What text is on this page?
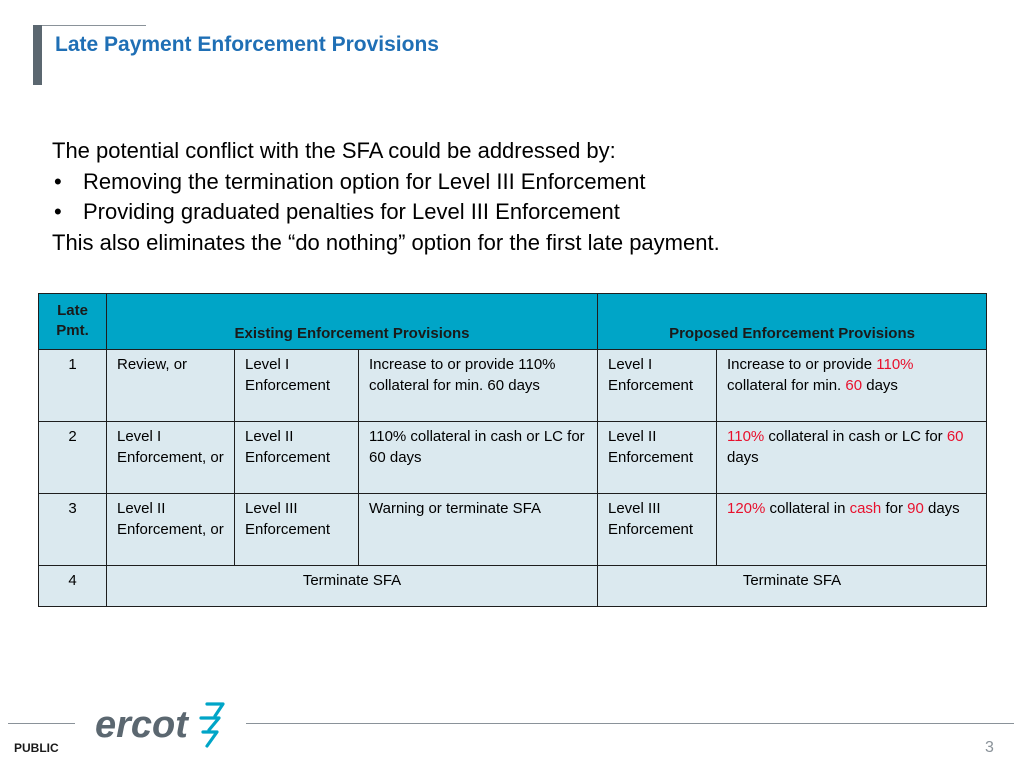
Late Payment Enforcement Provisions

The potential conflict with the SFA could be addressed by:

• Removing the termination option for Level III Enforcement
• Providing graduated penalties for Level III Enforcement

This also eliminates the “do nothing” option for the first late payment.

Late
Pmt.	Existing Enforcement Provisions			Proposed Enforcement Provisions	
1	Review, or	Level I Enforcement	Increase to or provide 110% collateral for min. 60 days	Level I Enforcement	Increase to or provide 110% collateral for min. 60 days
2	Level I Enforcement, or	Level II Enforcement	110% collateral in cash or LC for 60 days	Level II Enforcement	110% collateral in cash or LC for 60 days
3	Level II Enforcement, or	Level III Enforcement	Warning or terminate SFA	Level III Enforcement	120% collateral in cash for 90 days
4	Terminate SFA			Terminate SFA	
ercot
PUBLIC	3
